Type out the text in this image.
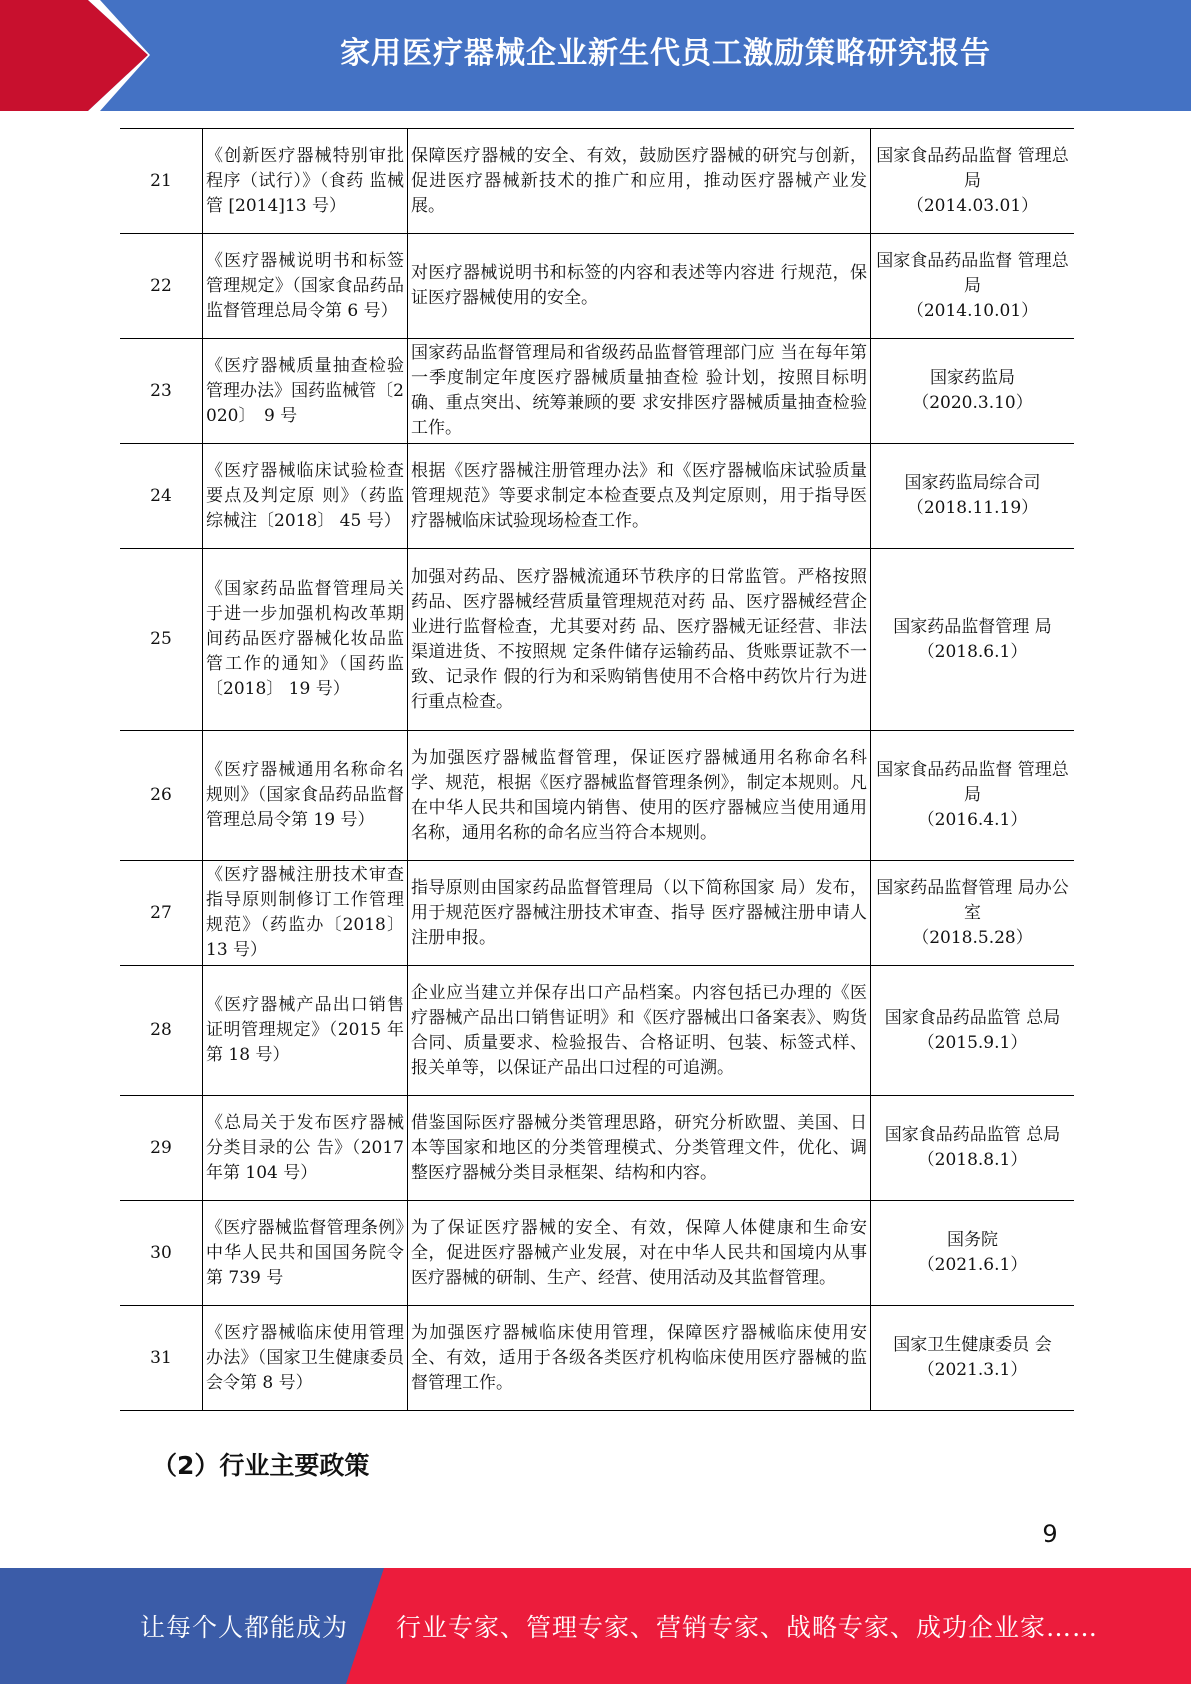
家用医疗器械企业新生代员工激励策略研究报告
21	《创新医疗器械特别审批程序（试行）》（食药 监械管 [2014]13 号）	保障医疗器械的安全、有效，鼓励医疗器械的研究与创新，促进医疗器械新技术的推广和应用，推动医疗器械产业发展。	国家食品药品监督 管理总局
（2014.03.01）

22	《医疗器械说明书和标签管理规定》（国家食品药品监督管理总局令第 6 号）	对医疗器械说明书和标签的内容和表述等内容进 行规范，保证医疗器械使用的安全。	国家食品药品监督 管理总局
（2014.10.01）

23	《医疗器械质量抽查检验管理办法》国药监械管〔2020〕　9 号	国家药品监督管理局和省级药品监督管理部门应 当在每年第一季度制定年度医疗器械质量抽查检 验计划，按照目标明确、重点突出、统筹兼顾的要 求安排医疗器械质量抽查检验工作。	国家药监局
（2020.3.10）

24	《医疗器械临床试验检查要点及判定原 则》（药监综械注〔2018〕 45 号）	根据《医疗器械注册管理办法》和《医疗器械临床试验质量管理规范》等要求制定本检查要点及判定原则，用于指导医疗器械临床试验现场检查工作。	国家药监局综合司
（2018.11.19）

25	《国家药品监督管理局关于进一步加强机构改革期间药品医疗器械化妆品监管工作的通知》（国药监〔2018〕 19 号）	加强对药品、医疗器械流通环节秩序的日常监管。严格按照药品、医疗器械经营质量管理规范对药 品、医疗器械经营企业进行监督检查，尤其要对药 品、医疗器械无证经营、非法渠道进货、不按照规 定条件储存运输药品、货账票证款不一致、记录作 假的行为和采购销售使用不合格中药饮片行为进 行重点检查。	国家药品监督管理 局
（2018.6.1）

26	《医疗器械通用名称命名规则》（国家食品药品监督管理总局令第 19 号）	为加强医疗器械监督管理，保证医疗器械通用名称命名科学、规范，根据《医疗器械监督管理条例》，制定本规则。凡在中华人民共和国境内销售、使用的医疗器械应当使用通用名称，通用名称的命名应当符合本规则。	国家食品药品监督 管理总局
（2016.4.1）

27	《医疗器械注册技术审查指导原则制修订工作管理规范》（药监办〔2018〕13 号）	指导原则由国家药品监督管理局（以下简称国家 局）发布，用于规范医疗器械注册技术审查、指导 医疗器械注册申请人注册申报。	国家药品监督管理 局办公室
（2018.5.28）

28	《医疗器械产品出口销售证明管理规定》（2015 年第 18 号）	企业应当建立并保存出口产品档案。内容包括已办理的《医疗器械产品出口销售证明》和《医疗器械出口备案表》、购货合同、质量要求、检验报告、合格证明、包装、标签式样、报关单等，以保证产品出口过程的可追溯。	国家食品药品监管 总局
（2015.9.1）

29	《总局关于发布医疗器械分类目录的公 告》（2017 年第 104 号）	借鉴国际医疗器械分类管理思路，研究分析欧盟、美国、日本等国家和地区的分类管理模式、分类管理文件，优化、调整医疗器械分类目录框架、结构和内容。	国家食品药品监管 总局
（2018.8.1）

30	《医疗器械监督管理条例》中华人民共和国国务院令第 739 号	为了保证医疗器械的安全、有效，保障人体健康和生命安全，促进医疗器械产业发展，对在中华人民共和国境内从事医疗器械的研制、生产、经营、使用活动及其监督管理。	国务院
（2021.6.1）

31	《医疗器械临床使用管理办法》（国家卫生健康委员会令第 8 号）	为加强医疗器械临床使用管理，保障医疗器械临床使用安全、有效，适用于各级各类医疗机构临床使用医疗器械的监督管理工作。	国家卫生健康委员 会
（2021.3.1）
（2）行业主要政策
9
让每个人都能成为 行业专家、管理专家、营销专家、战略专家、成功企业家……
